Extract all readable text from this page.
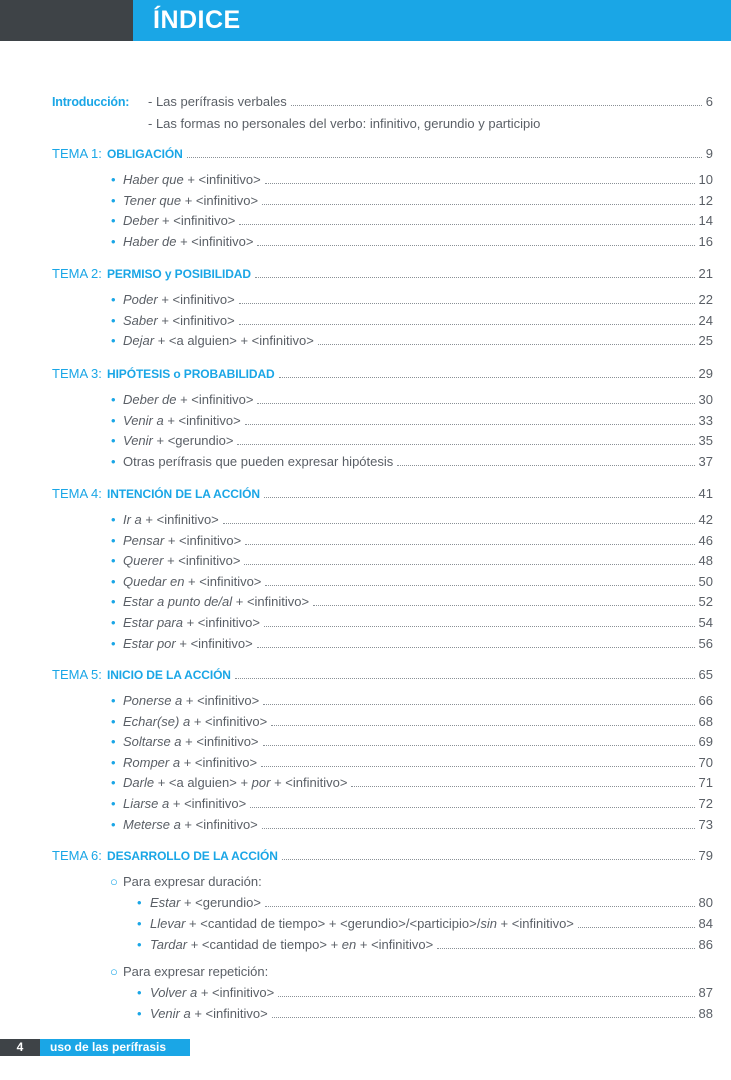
ÍNDICE
Introducción: - Las perífrasis verbales	6
- Las formas no personales del verbo: infinitivo, gerundio y participio
TEMA 1: OBLIGACIÓN	9
• Haber que + <infinitivo>	10
• Tener que + <infinitivo>	12
• Deber + <infinitivo>	14
• Haber de + <infinitivo>	16
TEMA 2: PERMISO y POSIBILIDAD	21
• Poder + <infinitivo>	22
• Saber + <infinitivo>	24
• Dejar + <a alguien> + <infinitivo>	25
TEMA 3: HIPÓTESIS o PROBABILIDAD	29
• Deber de + <infinitivo>	30
• Venir a + <infinitivo>	33
• Venir + <gerundio>	35
• Otras perífrasis que pueden expresar hipótesis	37
TEMA 4: INTENCIÓN DE LA ACCIÓN	41
• Ir a + <infinitivo>	42
• Pensar + <infinitivo>	46
• Querer + <infinitivo>	48
• Quedar en + <infinitivo>	50
• Estar a punto de/al + <infinitivo>	52
• Estar para + <infinitivo>	54
• Estar por + <infinitivo>	56
TEMA 5: INICIO DE LA ACCIÓN	65
• Ponerse a + <infinitivo>	66
• Echar(se) a + <infinitivo>	68
• Soltarse a + <infinitivo>	69
• Romper a + <infinitivo>	70
• Darle + <a alguien> + por + <infinitivo>	71
• Liarse a + <infinitivo>	72
• Meterse a + <infinitivo>	73
TEMA 6: DESARROLLO DE LA ACCIÓN	79
○ Para expresar duración:
• Estar + <gerundio>	80
• Llevar + <cantidad de tiempo> + <gerundio>/<participio>/sin + <infinitivo>	84
• Tardar + <cantidad de tiempo> + en + <infinitivo>	86
○ Para expresar repetición:
• Volver a + <infinitivo>	87
• Venir a + <infinitivo>	88
4	uso de las perífrasis
